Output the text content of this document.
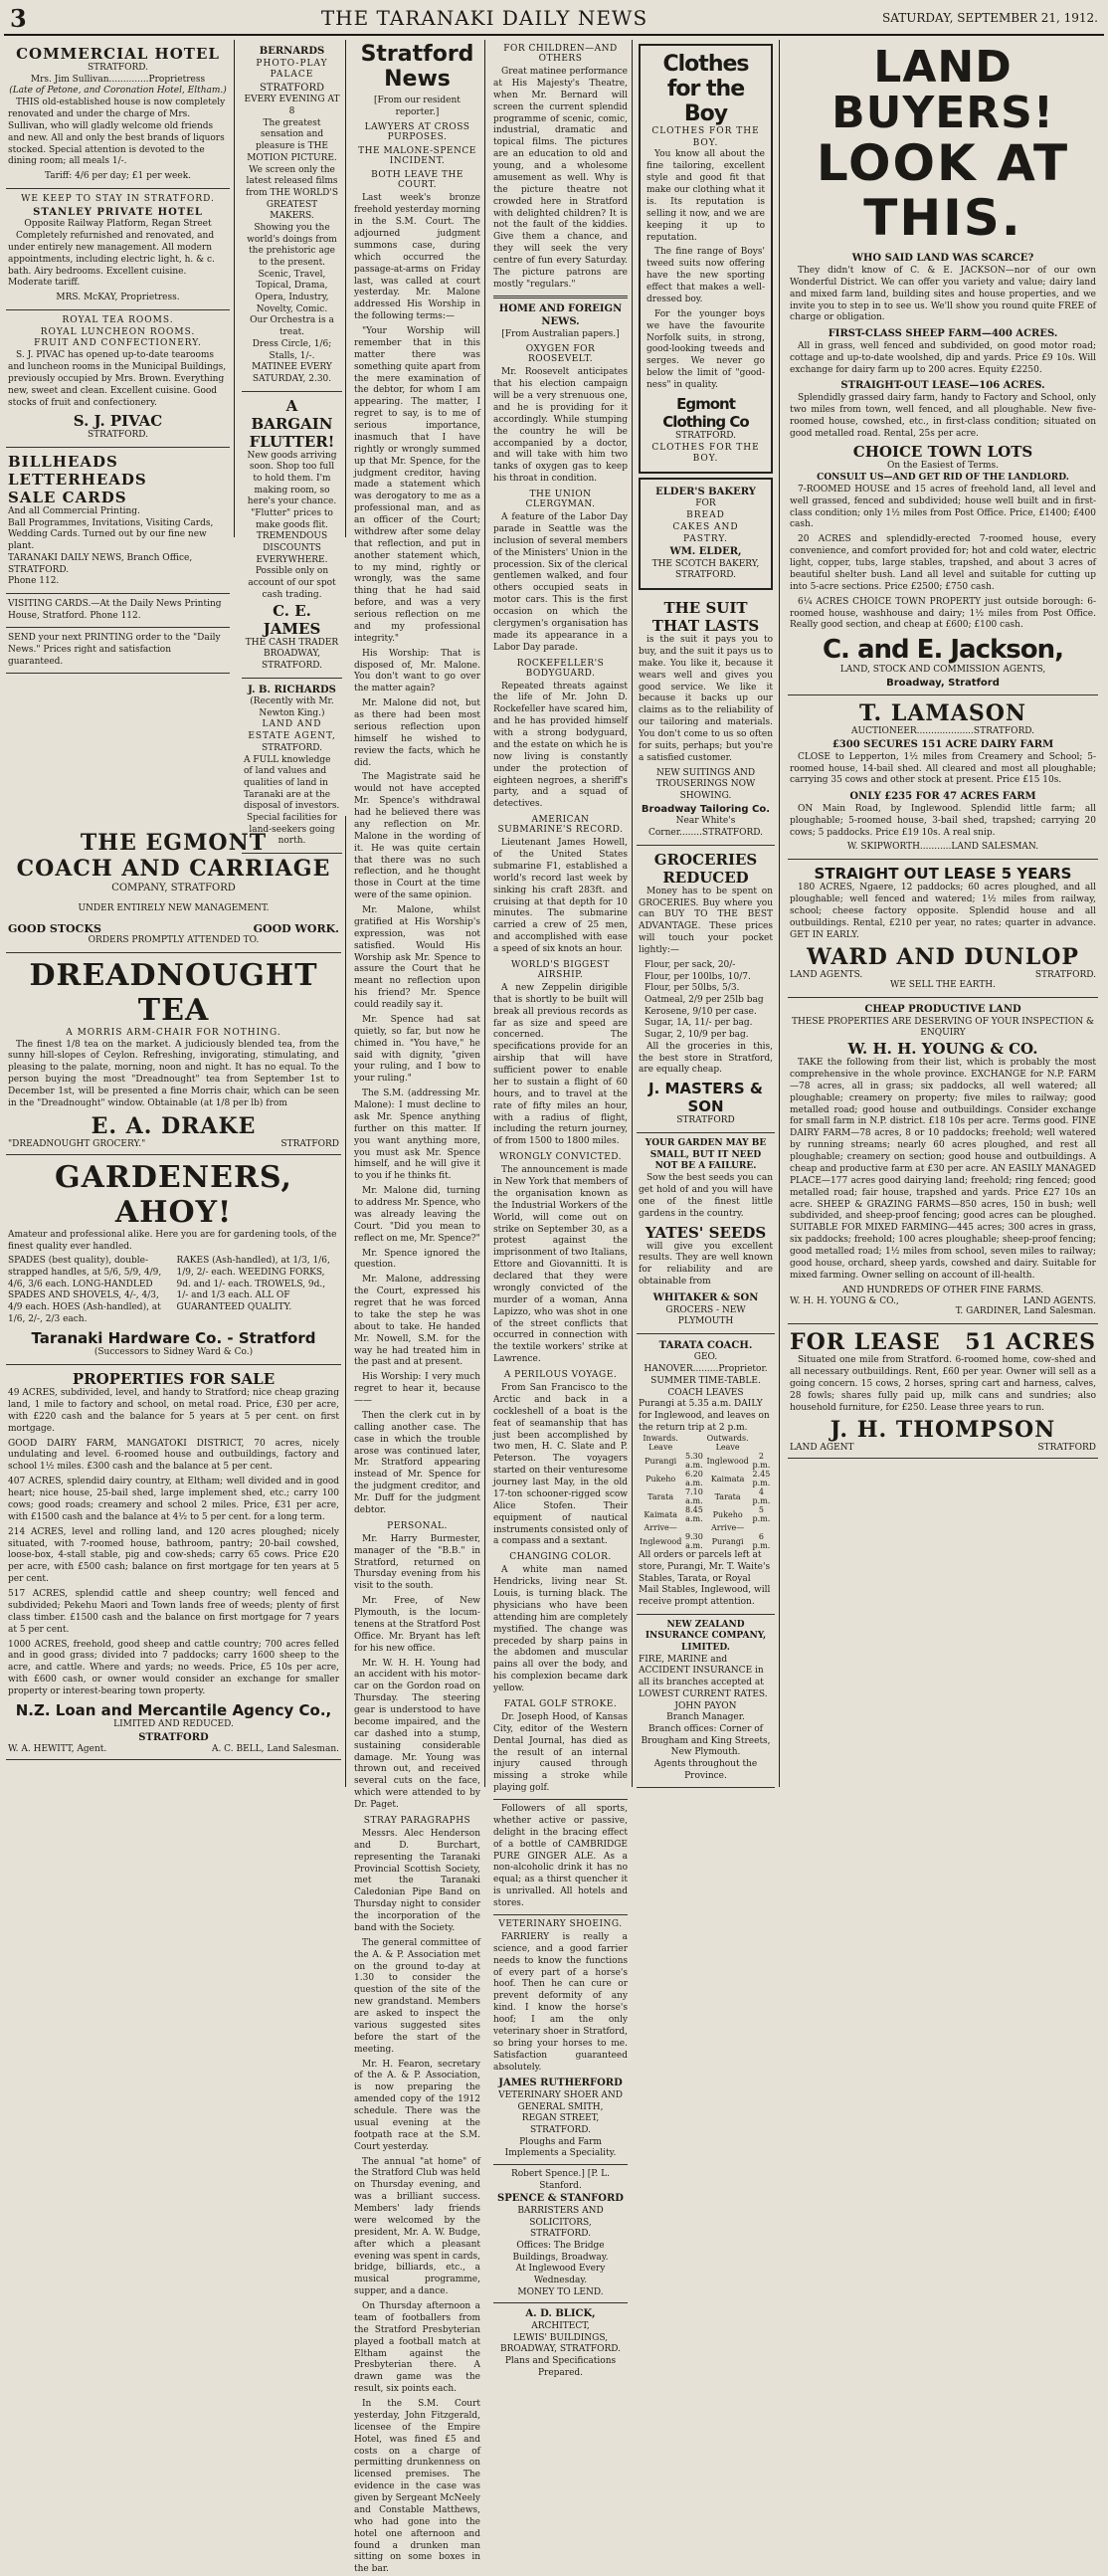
3	THE TARANAKI DAILY NEWS	SATURDAY, SEPTEMBER 21, 1912.
COMMERCIAL HOTEL
STRATFORD.
Mrs. Jim Sullivan..............Proprietress
(Late of Petone, and Coronation Hotel, Eltham.)
THIS old-established house is now completely renovated and under the charge of Mrs. Sullivan, who will gladly welcome old friends and new. All and only the best brands of liquors stocked. Special attention is devoted to the dining room; all meals 1/-.
Tariff: 4/6 per day; £1 per week.
WE KEEP TO STAY IN STRATFORD.
STANLEY PRIVATE HOTEL
Opposite Railway Platform, Regan Street
Completely refurnished and renovated, and under entirely new management. All modern appointments, including electric light, h. & c. bath. Airy bedrooms. Excellent cuisine. Moderate tariff.
MRS. McKAY, Proprietress.
ROYAL TEA ROOMS.
ROYAL LUNCHEON ROOMS.
FRUIT AND CONFECTIONERY.
S. J. PIVAC has opened up-to-date tearooms and luncheon rooms in the Municipal Buildings, previously occupied by Mrs. Brown. Everything new, sweet and clean. Excellent cuisine. Good stocks of fruit and confectionery.
S. J. PIVAC
STRATFORD.
BILLHEADS
LETTERHEADS
SALE CARDS
And all Commercial Printing.
Ball Programmes, Invitations, Visiting Cards, Wedding Cards. Turned out by our fine new plant.
TARANAKI DAILY NEWS, Branch Office, STRATFORD.
Phone 112.
VISITING CARDS.—At the Daily News Printing House, Stratford. Phone 112.
SEND your next PRINTING order to the "Daily News." Prices right and satisfaction guaranteed.
BERNARDS
PHOTO-PLAY PALACE
STRATFORD
EVERY EVENING AT 8
The greatest sensation and pleasure is THE MOTION PICTURE.
We screen only the latest released films from THE WORLD'S GREATEST MAKERS.
Showing you the world's doings from the prehistoric age to the present. Scenic, Travel, Topical, Drama, Opera, Industry, Novelty, Comic.
Our Orchestra is a treat.
Dress Circle, 1/6; Stalls, 1/-.
MATINEE EVERY SATURDAY, 2.30.
A BARGAIN FLUTTER!
New goods arriving soon. Shop too full to hold them. I'm making room, so here's your chance.
"Flutter" prices to make goods flit.
TREMENDOUS DISCOUNTS EVERYWHERE.
Possible only on account of our spot cash trading.
C. E. JAMES
THE CASH TRADER
BROADWAY, STRATFORD.
J. B. RICHARDS
(Recently with Mr. Newton King.)
LAND AND ESTATE AGENT,
STRATFORD.
A FULL knowledge of land values and qualities of land in Taranaki are at the disposal of investors.
Special facilities for land-seekers going north.
THE EGMONT
COACH AND CARRIAGE
COMPANY, STRATFORD
UNDER ENTIRELY NEW MANAGEMENT.
GOOD STOCKS	GOOD WORK.
ORDERS PROMPTLY ATTENDED TO.
DREADNOUGHT TEA
A MORRIS ARM-CHAIR FOR NOTHING.
The finest 1/8 tea on the market. A judiciously blended tea, from the sunny hill-slopes of Ceylon. Refreshing, invigorating, stimulating, and pleasing to the palate, morning, noon and night. It has no equal. To the person buying the most "Dreadnought" tea from September 1st to December 1st, will be presented a fine Morris chair, which can be seen in the "Dreadnought" window. Obtainable (at 1/8 per lb) from
E. A. DRAKE
"DREADNOUGHT GROCERY."	STRATFORD
GARDENERS, AHOY!
Amateur and professional alike. Here you are for gardening tools, of the finest quality ever handled.
SPADES (best quality), double-strapped handles, at 5/6, 5/9, 4/9, 4/6, 3/6 each. LONG-HANDLED SPADES AND SHOVELS, 4/-, 4/3, 4/9 each. HOES (Ash-handled), at 1/6, 2/-, 2/3 each.
RAKES (Ash-handled), at 1/3, 1/6, 1/9, 2/- each. WEEDING FORKS, 9d. and 1/- each. TROWELS, 9d., 1/- and 1/3 each. ALL OF GUARANTEED QUALITY.
Taranaki Hardware Co. - Stratford
(Successors to Sidney Ward & Co.)
PROPERTIES FOR SALE
49 ACRES, subdivided, level, and handy to Stratford; nice cheap grazing land, 1 mile to factory and school, on metal road. Price, £30 per acre, with £220 cash and the balance for 5 years at 5 per cent. on first mortgage.
GOOD DAIRY FARM, MANGATOKI DISTRICT, 70 acres, nicely undulating and level. 6-roomed house and outbuildings, factory and school 1½ miles. £300 cash and the balance at 5 per cent.
407 ACRES, splendid dairy country, at Eltham; well divided and in good heart; nice house, 25-bail shed, large implement shed, etc.; carry 100 cows; good roads; creamery and school 2 miles. Price, £31 per acre, with £1500 cash and the balance at 4½ to 5 per cent. for a long term.
214 ACRES, level and rolling land, and 120 acres ploughed; nicely situated, with 7-roomed house, bathroom, pantry; 20-bail cowshed, loose-box, 4-stall stable, pig and cow-sheds; carry 65 cows. Price £20 per acre, with £500 cash; balance on first mortgage for ten years at 5 per cent.
517 ACRES, splendid cattle and sheep country; well fenced and subdivided; Pekehu Maori and Town lands free of weeds; plenty of first class timber. £1500 cash and the balance on first mortgage for 7 years at 5 per cent.
1000 ACRES, freehold, good sheep and cattle country; 700 acres felled and in good grass; divided into 7 paddocks; carry 1600 sheep to the acre, and cattle. Where and yards; no weeds. Price, £5 10s per acre, with £600 cash, or owner would consider an exchange for smaller property or interest-bearing town property.
N.Z. Loan and Mercantile Agency Co.,
LIMITED AND REDUCED.
STRATFORD
W. A. HEWITT, Agent.	A. C. BELL, Land Salesman.
Stratford News
[From our resident reporter.]
LAWYERS AT CROSS PURPOSES.
THE MALONE-SPENCE INCIDENT.
BOTH LEAVE THE COURT.
Last week's bronze freehold yesterday morning in the S.M. Court. The adjourned judgment summons case, during which occurred the passage-at-arms on Friday last, was called at court yesterday. Mr. Malone addressed His Worship in the following terms:—
"Your Worship will remember that in this matter there was something quite apart from the mere examination of the debtor, for whom I am appearing. The matter, I regret to say, is to me of serious importance, inasmuch that I have rightly or wrongly summed up that Mr. Spence, for the judgment creditor, having made a statement which was derogatory to me as a professional man, and as an officer of the Court; withdrew after some delay that reflection, and put in another statement which, to my mind, rightly or wrongly, was the same thing that he had said before, and was a very serious reflection on me and my professional integrity."
His Worship: That is disposed of, Mr. Malone. You don't want to go over the matter again?
Mr. Malone did not, but as there had been most serious reflection upon himself he wished to review the facts, which he did.
The Magistrate said he would not have accepted Mr. Spence's withdrawal had he believed there was any reflection on Mr. Malone in the wording of it. He was quite certain that there was no such reflection, and he thought those in Court at the time were of the same opinion.
Mr. Malone, whilst gratified at His Worship's expression, was not satisfied. Would His Worship ask Mr. Spence to assure the Court that he meant no reflection upon his friend? Mr. Spence could readily say it.
Mr. Spence had sat quietly, so far, but now he chimed in. "You have," he said with dignity, "given your ruling, and I bow to your ruling."
The S.M. (addressing Mr. Malone): I must decline to ask Mr. Spence anything further on this matter. If you want anything more, you must ask Mr. Spence himself, and he will give it to you if he thinks fit.
Mr. Malone did, turning to address Mr. Spence, who was already leaving the Court. "Did you mean to reflect on me, Mr. Spence?"
Mr. Spence ignored the question.
Mr. Malone, addressing the Court, expressed his regret that he was forced to take the step he was about to take. He handed Mr. Nowell, S.M. for the way he had treated him in the past and at present.
His Worship: I very much regret to hear it, because——
Then the clerk cut in by calling another case. The case in which the trouble arose was continued later, Mr. Stratford appearing instead of Mr. Spence for the judgment creditor, and Mr. Duff for the judgment debtor.
PERSONAL.
Mr. Harry Burmester, manager of the "B.B." in Stratford, returned on Thursday evening from his visit to the south.
Mr. Free, of New Plymouth, is the locum-tenens at the Stratford Post Office. Mr. Bryant has left for his new office.
Mr. W. H. H. Young had an accident with his motor-car on the Gordon road on Thursday. The steering gear is understood to have become impaired, and the car dashed into a stump, sustaining considerable damage. Mr. Young was thrown out, and received several cuts on the face, which were attended to by Dr. Paget.
STRAY PARAGRAPHS
Messrs. Alec Henderson and D. Burchart, representing the Taranaki Provincial Scottish Society, met the Taranaki Caledonian Pipe Band on Thursday night to consider the incorporation of the band with the Society.
The general committee of the A. & P. Association met on the ground to-day at 1.30 to consider the question of the site of the new grandstand. Members are asked to inspect the various suggested sites before the start of the meeting.
Mr. H. Fearon, secretary of the A. & P. Association, is now preparing the amended copy of the 1912 schedule. There was the usual evening at the footpath race at the S.M. Court yesterday.
The annual "at home" of the Stratford Club was held on Thursday evening, and was a brilliant success. Members' lady friends were welcomed by the president, Mr. A. W. Budge, after which a pleasant evening was spent in cards, bridge, billiards, etc., a musical programme, supper, and a dance.
On Thursday afternoon a team of footballers from the Stratford Presbyterian played a football match at Eltham against the Presbyterian there. A drawn game was the result, six points each.
In the S.M. Court yesterday, John Fitzgerald, licensee of the Empire Hotel, was fined £5 and costs on a charge of permitting drunkenness on licensed premises. The evidence in the case was given by Sergeant McNeely and Constable Matthews, who had gone into the hotel one afternoon and found a drunken man sitting on some boxes in the bar.
FOR CHILDREN—AND OTHERS
Great matinee performance at His Majesty's Theatre, when Mr. Bernard will screen the current splendid programme of scenic, comic, industrial, dramatic and topical films. The pictures are an education to old and young, and a wholesome amusement as well. Why is the picture theatre not crowded here in Stratford with delighted children? It is not the fault of the kiddies. Give them a chance, and they will seek the very centre of fun every Saturday. The picture patrons are mostly "regulars."
HOME AND FOREIGN NEWS.
[From Australian papers.]
OXYGEN FOR ROOSEVELT.
Mr. Roosevelt anticipates that his election campaign will be a very strenuous one, and he is providing for it accordingly. While stumping the country he will be accompanied by a doctor, and will take with him two tanks of oxygen gas to keep his throat in condition.
THE UNION CLERGYMAN.
A feature of the Labor Day parade in Seattle was the inclusion of several members of the Ministers' Union in the procession. Six of the clerical gentlemen walked, and four others occupied seats in motor cars. This is the first occasion on which the clergymen's organisation has made its appearance in a Labor Day parade.
ROCKEFELLER'S BODYGUARD.
Repeated threats against the life of Mr. John D. Rockefeller have scared him, and he has provided himself with a strong bodyguard, and the estate on which he is now living is constantly under the protection of eighteen negroes, a sheriff's party, and a squad of detectives.
AMERICAN SUBMARINE'S RECORD.
Lieutenant James Howell, of the United States submarine F1, established a world's record last week by sinking his craft 283ft. and cruising at that depth for 10 minutes. The submarine carried a crew of 25 men, and accomplished with ease a speed of six knots an hour.
WORLD'S BIGGEST AIRSHIP.
A new Zeppelin dirigible that is shortly to be built will break all previous records as far as size and speed are concerned. The specifications provide for an airship that will have sufficient power to enable her to sustain a flight of 60 hours, and to travel at the rate of fifty miles an hour, with a radius of flight, including the return journey, of from 1500 to 1800 miles.
WRONGLY CONVICTED.
The announcement is made in New York that members of the organisation known as the Industrial Workers of the World, will come out on strike on September 30, as a protest against the imprisonment of two Italians, Ettore and Giovannitti. It is declared that they were wrongly convicted of the murder of a woman, Anna Lapizzo, who was shot in one of the street conflicts that occurred in connection with the textile workers' strike at Lawrence.
A PERILOUS VOYAGE.
From San Francisco to the Arctic and back in a cockleshell of a boat is the feat of seamanship that has just been accomplished by two men, H. C. Slate and P. Peterson. The voyagers started on their venturesome journey last May, in the old 17-ton schooner-rigged scow Alice Stofen. Their equipment of nautical instruments consisted only of a compass and a sextant.
CHANGING COLOR.
A white man named Hendricks, living near St. Louis, is turning black. The physicians who have been attending him are completely mystified. The change was preceded by sharp pains in the abdomen and muscular pains all over the body, and his complexion became dark yellow.
FATAL GOLF STROKE.
Dr. Joseph Hood, of Kansas City, editor of the Western Dental Journal, has died as the result of an internal injury caused through missing a stroke while playing golf.
Followers of all sports, whether active or passive, delight in the bracing effect of a bottle of CAMBRIDGE PURE GINGER ALE. As a non-alcoholic drink it has no equal; as a thirst quencher it is unrivalled. All hotels and stores.
VETERINARY SHOEING.
FARRIERY is really a science, and a good farrier needs to know the functions of every part of a horse's hoof. Then he can cure or prevent deformity of any kind. I know the horse's hoof; I am the only veterinary shoer in Stratford, so bring your horses to me. Satisfaction guaranteed absolutely.
JAMES RUTHERFORD
VETERINARY SHOER AND GENERAL SMITH,
REGAN STREET, STRATFORD.
Ploughs and Farm Implements a Speciality.
Robert Spence.] [P. L. Stanford.
SPENCE & STANFORD
BARRISTERS AND SOLICITORS,
STRATFORD.
Offices: The Bridge Buildings, Broadway.
At Inglewood Every Wednesday.
MONEY TO LEND.
A. D. BLICK,
ARCHITECT,
LEWIS' BUILDINGS, BROADWAY, STRATFORD.
Plans and Specifications Prepared.
Clothes for the Boy
CLOTHES FOR THE BOY.
You know all about the fine tailoring, excellent style and good fit that make our clothing what it is. Its reputation is selling it now, and we are keeping it up to reputation.
The fine range of Boys' tweed suits now offering have the new sporting effect that makes a well-dressed boy.
For the younger boys we have the favourite Norfolk suits, in strong, good-looking tweeds and serges. We never go below the limit of "good-ness" in quality.
Egmont Clothing Co
STRATFORD.
CLOTHES FOR THE BOY.
ELDER'S BAKERY
FOR
BREAD
CAKES AND
PASTRY.
WM. ELDER,
THE SCOTCH BAKERY,
STRATFORD.
THE SUIT THAT LASTS
is the suit it pays you to buy, and the suit it pays us to make. You like it, because it wears well and gives you good service. We like it because it backs up our claims as to the reliability of our tailoring and materials. You don't come to us so often for suits, perhaps; but you're a satisfied customer.
NEW SUITINGS AND TROUSERINGS NOW SHOWING.
Broadway Tailoring Co.
Near White's Corner........STRATFORD.
GROCERIES
REDUCED
Money has to be spent on GROCERIES. Buy where you can BUY TO THE BEST ADVANTAGE. These prices will touch your pocket lightly:—
Flour, per sack, 20/-
Flour, per 100lbs, 10/7.
Flour, per 50lbs, 5/3.
Oatmeal, 2/9 per 25lb bag
Kerosene, 9/10 per case.
Sugar, 1A, 11/- per bag.
Sugar, 2, 10/9 per bag.
All the groceries in this, the best store in Stratford, are equally cheap.
J. MASTERS & SON
STRATFORD
YOUR GARDEN MAY BE
SMALL, BUT IT NEED
NOT BE A FAILURE.
Sow the best seeds you can get hold of and you will have one of the finest little gardens in the country.
YATES' SEEDS
will give you excellent results. They are well known for reliability and are obtainable from
WHITAKER & SON
GROCERS - NEW PLYMOUTH
TARATA COACH.
GEO. HANOVER.........Proprietor.
SUMMER TIME-TABLE.
COACH LEAVES
Purangi at 5.35 a.m. DAILY for Inglewood, and leaves on the return trip at 2 p.m.
Inwards.		Outwards.	
Leave		Leave	
Purangi	5.30 a.m.	Inglewood	2 p.m.
Pukeho	6.20 a.m.	Kaimata	2.45 p.m.
Tarata	7.10 a.m.	Tarata	4 p.m.
Kaimata	8.45 a.m.	Pukeho	5 p.m.
Arrive—		Arrive—	
Inglewood	9.30 a.m.	Purangi	6 p.m.
All orders or parcels left at store, Purangi, Mr. T. Waite's Stables, Tarata, or Royal Mail Stables, Inglewood, will receive prompt attention.
NEW ZEALAND INSURANCE COMPANY, LIMITED.
FIRE, MARINE and ACCIDENT INSURANCE in all its branches accepted at LOWEST CURRENT RATES.
JOHN PAYON
Branch Manager.
Branch offices: Corner of Brougham and King Streets, New Plymouth.
Agents throughout the Province.
LAND BUYERS!
LOOK AT THIS.
WHO SAID LAND WAS SCARCE?
They didn't know of C. & E. JACKSON—nor of our own Wonderful District. We can offer you variety and value; dairy land and mixed farm land, building sites and house properties, and we invite you to step in to see us. We'll show you round quite FREE of charge or obligation.
FIRST-CLASS SHEEP FARM—400 ACRES.
All in grass, well fenced and subdivided, on good motor road; cottage and up-to-date woolshed, dip and yards. Price £9 10s. Will exchange for dairy farm up to 200 acres. Equity £2250.
STRAIGHT-OUT LEASE—106 ACRES.
Splendidly grassed dairy farm, handy to Factory and School, only two miles from town, well fenced, and all ploughable. New five-roomed house, cowshed, etc., in first-class condition; situated on good metalled road. Rental, 25s per acre.
CHOICE TOWN LOTS
On the Easiest of Terms.
CONSULT US—AND GET RID OF THE LANDLORD.
7-ROOMED HOUSE and 15 acres of freehold land, all level and well grassed, fenced and subdivided; house well built and in first-class condition; only 1½ miles from Post Office. Price, £1400; £400 cash.
20 ACRES and splendidly-erected 7-roomed house, every convenience, and comfort provided for; hot and cold water, electric light, copper, tubs, large stables, trapshed, and about 3 acres of beautiful shelter bush. Land all level and suitable for cutting up into 5-acre sections. Price £2500; £750 cash.
6¼ ACRES CHOICE TOWN PROPERTY just outside borough: 6-roomed house, washhouse and dairy; 1½ miles from Post Office. Really good section, and cheap at £600; £100 cash.
C. and E. Jackson,
LAND, STOCK AND COMMISSION AGENTS,
Broadway, Stratford
T. LAMASON
AUCTIONEER....................STRATFORD.
£300 SECURES 151 ACRE DAIRY FARM
CLOSE to Lepperton, 1½ miles from Creamery and School; 5-roomed house, 14-bail shed. All cleared and most all ploughable; carrying 35 cows and other stock at present. Price £15 10s.
ONLY £235 FOR 47 ACRES FARM
ON Main Road, by Inglewood. Splendid little farm; all ploughable; 5-roomed house, 3-bail shed, trapshed; carrying 20 cows; 5 paddocks. Price £19 10s. A real snip.
W. SKIPWORTH...........LAND SALESMAN.
STRAIGHT OUT LEASE 5 YEARS
180 ACRES, Ngaere, 12 paddocks; 60 acres ploughed, and all ploughable; well fenced and watered; 1½ miles from railway, school; cheese factory opposite. Splendid house and all outbuildings. Rental, £210 per year, no rates; quarter in advance. GET IN EARLY.
WARD AND DUNLOP
LAND AGENTS.	STRATFORD.
WE SELL THE EARTH.
CHEAP PRODUCTIVE LAND
THESE PROPERTIES ARE DESERVING OF YOUR INSPECTION & ENQUIRY
W. H. H. YOUNG & CO.
TAKE the following from their list, which is probably the most comprehensive in the whole province. EXCHANGE for N.P. FARM—78 acres, all in grass; six paddocks, all well watered; all ploughable; creamery on property; five miles to railway; good metalled road; good house and outbuildings. Consider exchange for small farm in N.P. district. £18 10s per acre. Terms good. FINE DAIRY FARM—78 acres, 8 or 10 paddocks; freehold; well watered by running streams; nearly 60 acres ploughed, and rest all ploughable; creamery on section; good house and outbuildings. A cheap and productive farm at £30 per acre. AN EASILY MANAGED PLACE—177 acres good dairying land; freehold; ring fenced; good metalled road; fair house, trapshed and yards. Price £27 10s an acre. SHEEP & GRAZING FARMS—850 acres, 150 in bush; well subdivided, and sheep-proof fencing; good acres can be ploughed. SUITABLE FOR MIXED FARMING—445 acres; 300 acres in grass, six paddocks; freehold; 100 acres ploughable; sheep-proof fencing; good metalled road; 1½ miles from school, seven miles to railway; good house, orchard, sheep yards, cowshed and dairy. Suitable for mixed farming. Owner selling on account of ill-health.
AND HUNDREDS OF OTHER FINE FARMS.
W. H. H. YOUNG & CO.,	LAND AGENTS.
T. GARDINER, Land Salesman.
FOR LEASE 51 ACRES
Situated one mile from Stratford. 6-roomed home, cow-shed and all necessary outbuildings. Rent, £60 per year. Owner will sell as a going concern. 15 cows, 2 horses, spring cart and harness, calves, 28 fowls; shares fully paid up, milk cans and sundries; also household furniture, for £250. Lease three years to run.
J. H. THOMPSON
LAND AGENT	STRATFORD
